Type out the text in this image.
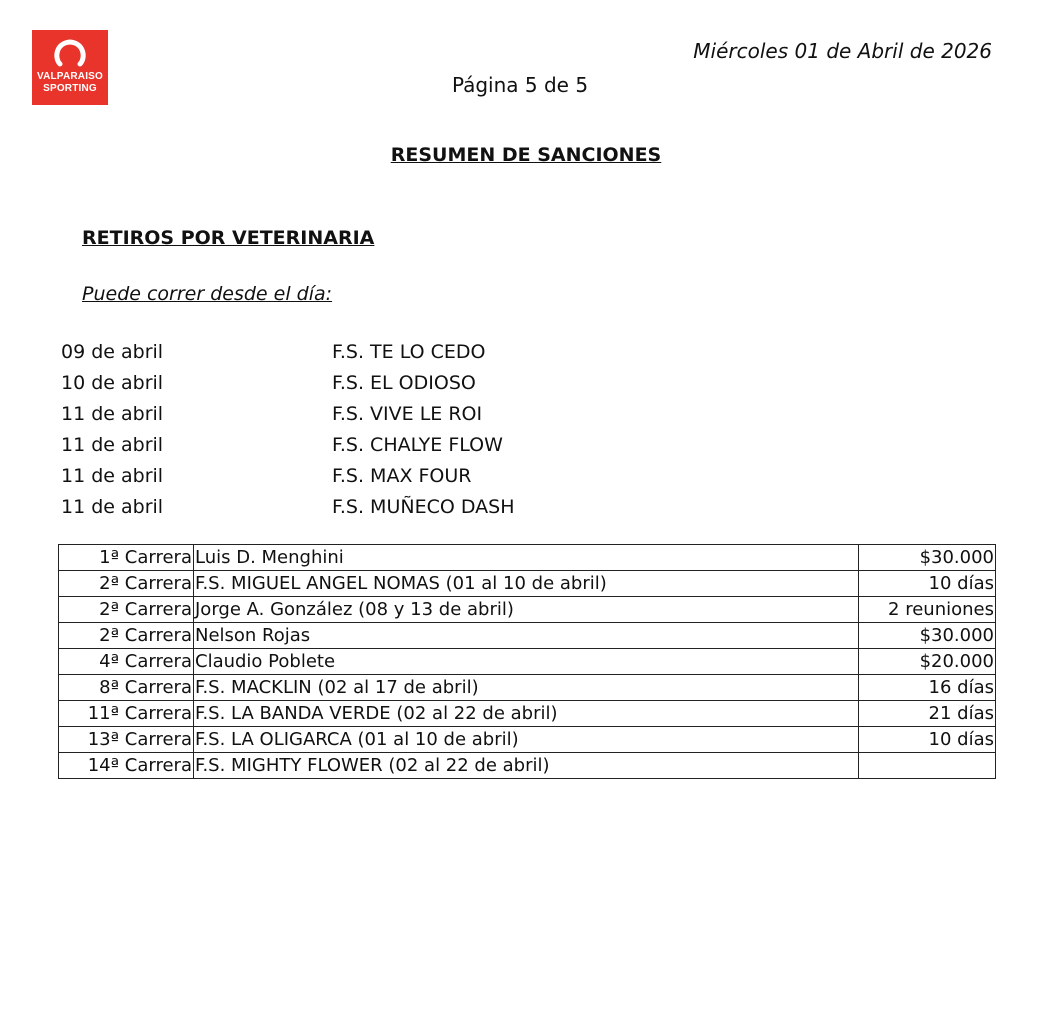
VALPARAISO
SPORTING
Miércoles 01 de Abril de 2026
Página 5 de 5
RESUMEN DE SANCIONES
RETIROS POR VETERINARIA
Puede correr desde el día:
09 de abril	F.S. TE LO CEDO
10 de abril	F.S. EL ODIOSO
11 de abril	F.S. VIVE LE ROI
11 de abril	F.S. CHALYE FLOW
11 de abril	F.S. MAX FOUR
11 de abril	F.S. MUÑECO DASH
1ª Carrera	Luis D. Menghini	$30.000
2ª Carrera	F.S. MIGUEL ANGEL NOMAS (01 al 10 de abril)	10 días
2ª Carrera	Jorge A. González (08 y 13 de abril)	2 reuniones
2ª Carrera	Nelson Rojas	$30.000
4ª Carrera	Claudio Poblete	$20.000
8ª Carrera	F.S. MACKLIN (02 al 17 de abril)	16 días
11ª Carrera	F.S. LA BANDA VERDE (02 al 22 de abril)	21 días
13ª Carrera	F.S. LA OLIGARCA (01 al 10 de abril)	10 días
14ª Carrera	F.S. MIGHTY FLOWER (02 al 22 de abril)	
